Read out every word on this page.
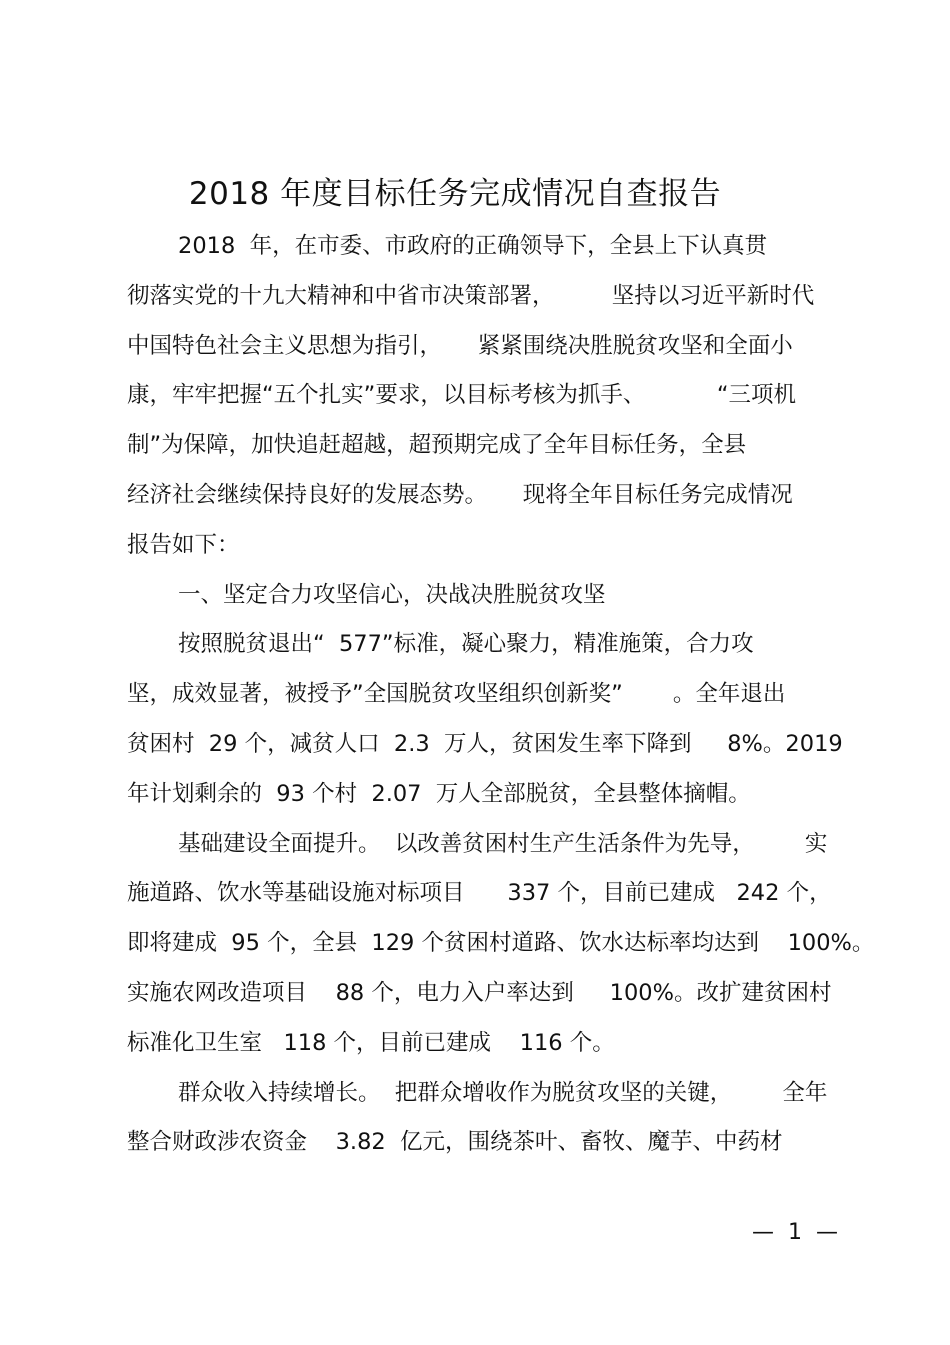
2018 年度目标任务完成情况自查报告
2018  年，在市委、市政府的正确领导下，全县上下认真贯
彻落实党的十九大精神和中省市决策部署，        坚持以习近平新时代
中国特色社会主义思想为指引，     紧紧围绕决胜脱贫攻坚和全面小
康，牢牢把握“五个扎实”要求，以目标考核为抓手、          “三项机
制”为保障，加快追赶超越，超预期完成了全年目标任务，全县
经济社会继续保持良好的发展态势。     现将全年目标任务完成情况
报告如下：
一、坚定合力攻坚信心，决战决胜脱贫攻坚
按照脱贫退出“  577”标准，凝心聚力，精准施策，合力攻
坚，成效显著，被授予”全国脱贫攻坚组织创新奖”       。全年退出
贫困村  29 个，减贫人口  2.3  万人，贫困发生率下降到     8%。2019
年计划剩余的  93 个村  2.07  万人全部脱贫，全县整体摘帽。
基础建设全面提升。  以改善贫困村生产生活条件为先导，       实
施道路、饮水等基础设施对标项目      337 个，目前已建成   242 个，
即将建成  95 个，全县  129 个贫困村道路、饮水达标率均达到    100%。
实施农网改造项目    88 个，电力入户率达到     100%。改扩建贫困村
标准化卫生室   118 个，目前已建成    116 个。
群众收入持续增长。  把群众增收作为脱贫攻坚的关键，       全年
整合财政涉农资金    3.82  亿元，围绕茶叶、畜牧、魔芋、中药材
—  1  —
